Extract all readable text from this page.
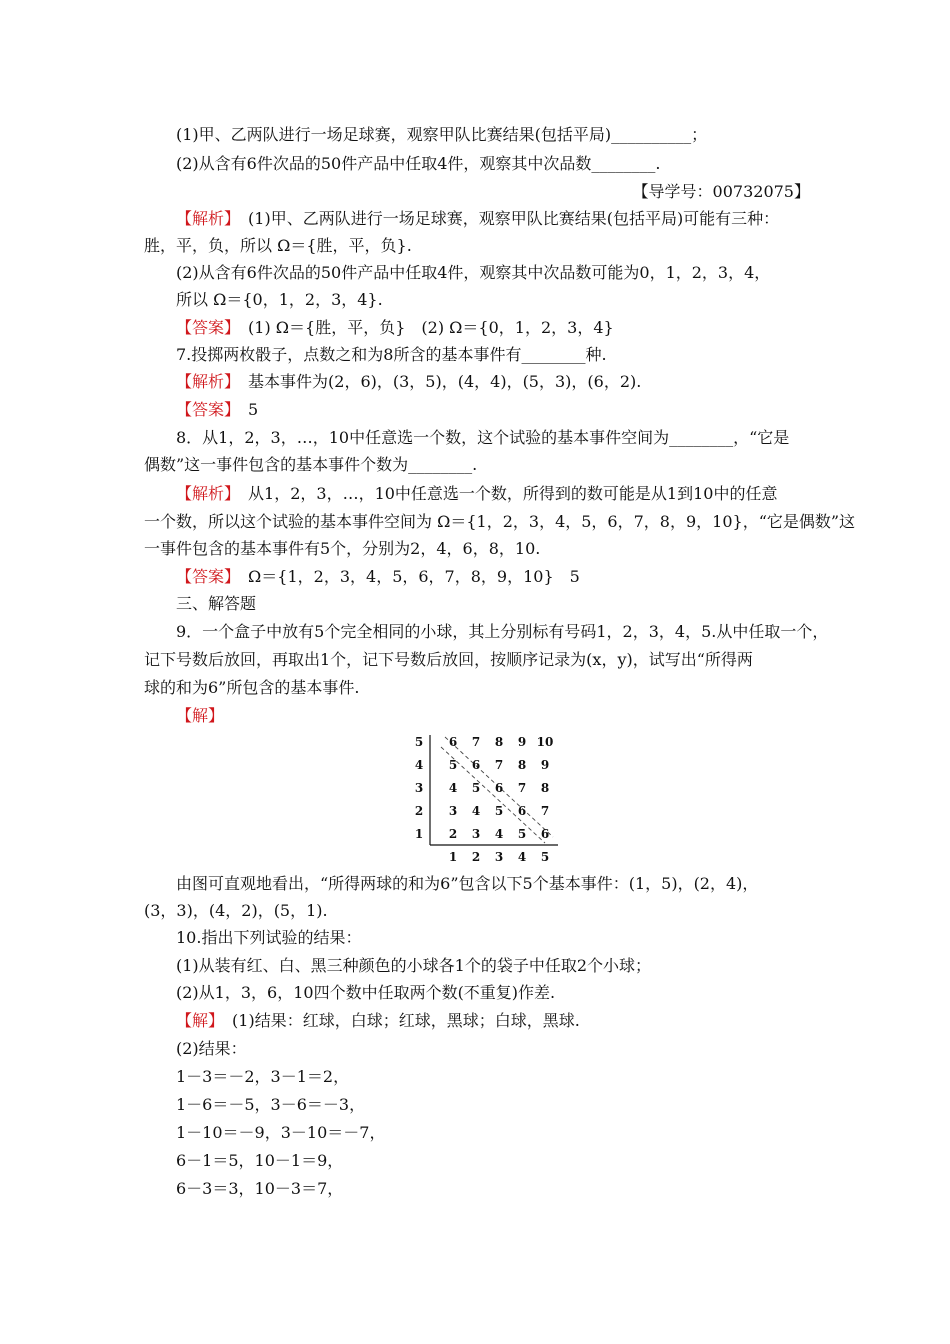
(1)甲、乙两队进行一场足球赛，观察甲队比赛结果(包括平局)__________；
(2)从含有6件次品的50件产品中任取4件，观察其中次品数________.
【导学号：00732075】
【解析】　 (1)甲、乙两队进行一场足球赛，观察甲队比赛结果(包括平局)可能有三种：
胜，平，负，所以 Ω＝{胜，平，负}.
(2)从含有6件次品的50件产品中任取4件，观察其中次品数可能为0，1，2，3，4，
所以 Ω＝{0，1，2，3，4}.
【答案】　 (1) Ω＝{胜，平，负}　(2) Ω＝{0，1，2，3，4}
7.投掷两枚骰子，点数之和为8所含的基本事件有________种.
【解析】　 基本事件为(2，6)，(3，5)，(4，4)，(5，3)，(6，2).
【答案】　 5
8．从1，2，3，…，10中任意选一个数，这个试验的基本事件空间为________，“它是
偶数”这一事件包含的基本事件个数为________.
【解析】　 从1，2，3，…，10中任意选一个数，所得到的数可能是从1到10中的任意
一个数，所以这个试验的基本事件空间为 Ω＝{1，2，3，4，5，6，7，8，9，10}，“它是偶数”这
一事件包含的基本事件有5个，分别为2，4，6，8，10.
【答案】　 Ω＝{1，2，3，4，5，6，7，8，9，10}　5
三、解答题
9．一个盒子中放有5个完全相同的小球，其上分别标有号码1，2，3，4，5.从中任取一个，
记下号数后放回，再取出1个，记下号数后放回，按顺序记录为(x，y)，试写出“所得两
球的和为6”所包含的基本事件.
【解】
5
4
3
2
1
1 2 3 4 5
6 7 8 9 10
5 6 7 8 9
4 5 6 7 8
3 4 5 6 7
2 3 4 5 6
由图可直观地看出，“所得两球的和为6”包含以下5个基本事件：(1，5)，(2，4)，
(3，3)，(4，2)，(5，1).
10.指出下列试验的结果：
(1)从装有红、白、黑三种颜色的小球各1个的袋子中任取2个小球；
(2)从1，3，6，10四个数中任取两个数(不重复)作差.
【解】　 (1)结果：红球，白球；红球，黑球；白球，黑球.
(2)结果：
1－3＝－2，3－1＝2，
1－6＝－5，3－6＝－3，
1－10＝－9，3－10＝－7，
6－1＝5，10－1＝9，
6－3＝3，10－3＝7，
